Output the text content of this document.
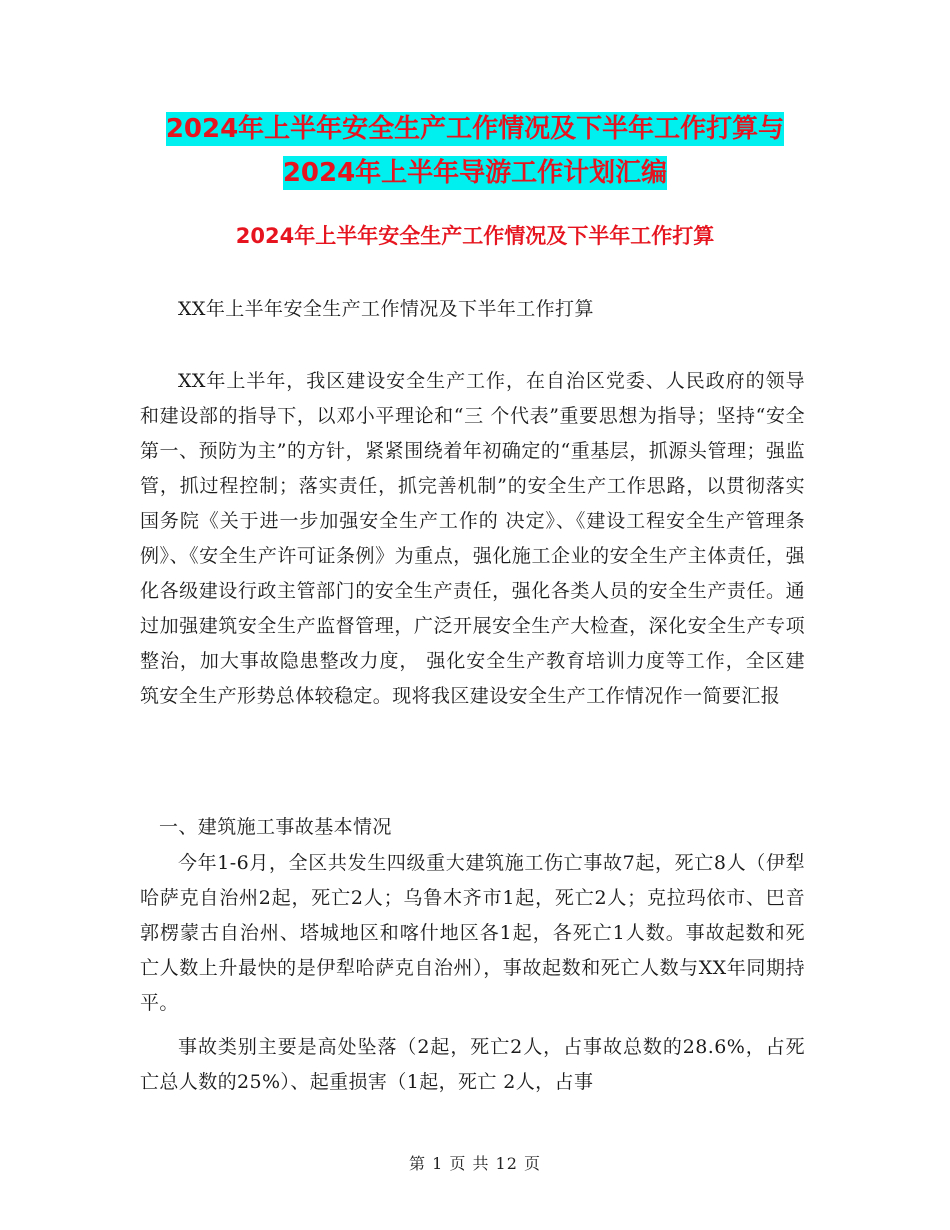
2024年上半年安全生产工作情况及下半年工作打算与
2024年上半年导游工作计划汇编
2024年上半年安全生产工作情况及下半年工作打算
XX年上半年安全生产工作情况及下半年工作打算
XX年上半年，我区建设安全生产工作，在自治区党委、人民政府的领导和建设部的指导下，以邓小平理论和“三 个代表”重要思想为指导；坚持“安全第一、预防为主”的方针，紧紧围绕着年初确定的“重基层，抓源头管理；强监 管，抓过程控制；落实责任，抓完善机制”的安全生产工作思路，以贯彻落实国务院《关于进一步加强安全生产工作的 决定》、《建设工程安全生产管理条例》、《安全生产许可证条例》为重点，强化施工企业的安全生产主体责任，强化各级建设行政主管部门的安全生产责任，强化各类人员的安全生产责任。通过加强建筑安全生产监督管理，广泛开展安全生产大检查，深化安全生产专项整治，加大事故隐患整改力度， 强化安全生产教育培训力度等工作，全区建筑安全生产形势总体较稳定。现将我区建设安全生产工作情况作一简要汇报
一、建筑施工事故基本情况
今年1-6月，全区共发生四级重大建筑施工伤亡事故7起，死亡8人（伊犁哈萨克自治州2起，死亡2人；乌鲁木齐市1起，死亡2人；克拉玛依市、巴音郭楞蒙古自治州、塔城地区和喀什地区各1起，各死亡1人数。事故起数和死亡人数上升最快的是伊犁哈萨克自治州），事故起数和死亡人数与XX年同期持平。
事故类别主要是高处坠落（2起，死亡2人，占事故总数的28.6%，占死亡总人数的25%）、起重损害（1起，死亡 2人，占事
第 1 页 共 12 页
